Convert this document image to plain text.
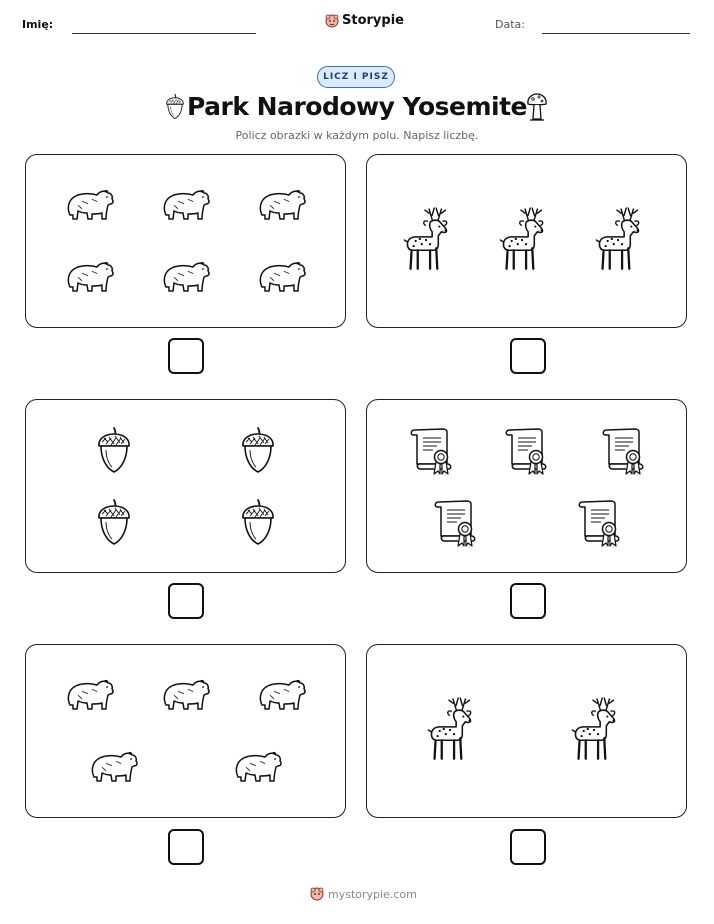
Imię:	Storypie	Data:
LICZ I PISZ
Park Narodowy Yosemite
Policz obrazki w każdym polu. Napisz liczbę.
mystorypie.com
